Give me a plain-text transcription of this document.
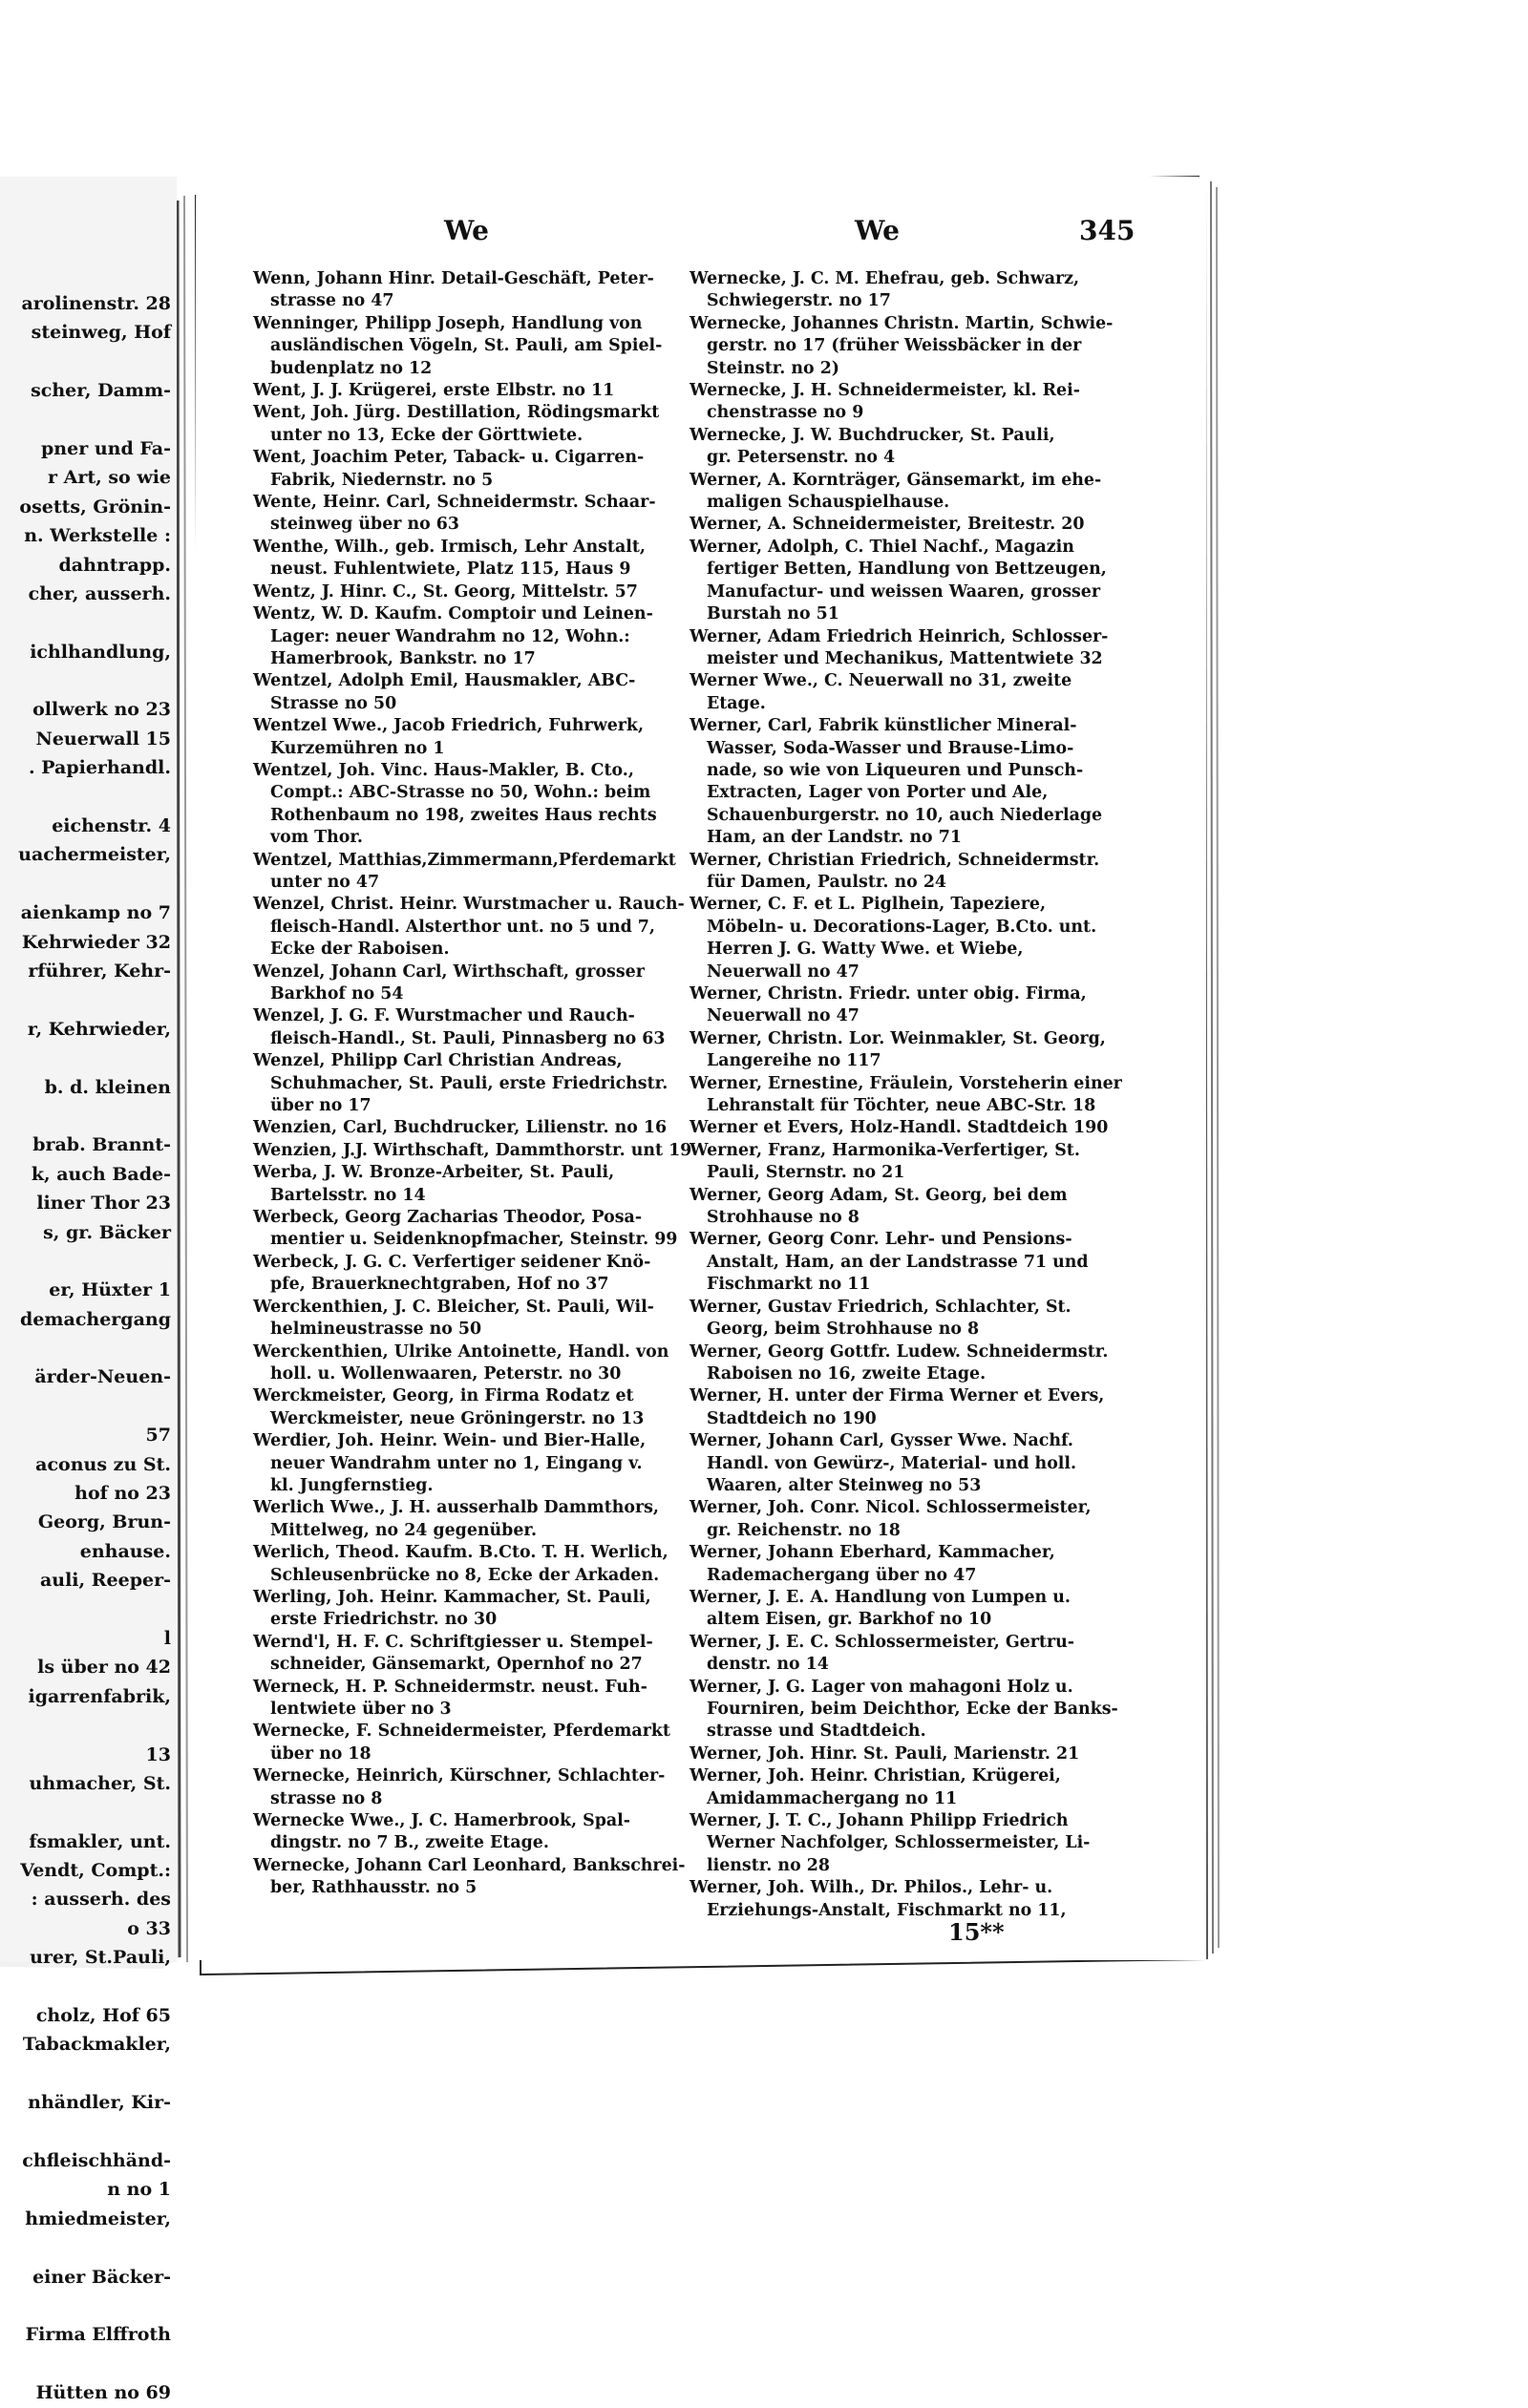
arolinenstr. 28
steinweg, Hof
scher, Damm-
pner und Fa-
r Art, so wie
osetts, Grönin-
n. Werkstelle :
dahntrapp.
cher, ausserh.
ichlhandlung,
ollwerk no 23
Neuerwall 15
. Papierhandl.
eichenstr. 4
uachermeister,
aienkamp no 7
Kehrwieder 32
rführer, Kehr-
r, Kehrwieder,
b. d. kleinen
brab. Brannt-
k, auch Bade-
liner Thor 23
s, gr. Bäcker
er, Hüxter 1
demachergang
ärder-Neuen-
57
aconus zu St.
hof no 23
Georg, Brun-
enhause.
auli, Reeper-
l
ls über no 42
igarrenfabrik,
13
uhmacher, St.
fsmakler, unt.
Vendt, Compt.:
: ausserh. des
o 33
urer, St.Pauli,
cholz, Hof 65
Tabackmakler,
nhändler, Kir-
chfleischhänd-
n no 1
hmiedmeister,
einer Bäcker-
Firma Elffroth
Hütten no 69
We	We	345
Wenn, Johann Hinr. Detail-Geschäft, Peter-
strasse no 47
Wenninger, Philipp Joseph, Handlung von
ausländischen Vögeln, St. Pauli, am Spiel-
budenplatz no 12
Went, J. J. Krügerei, erste Elbstr. no 11
Went, Joh. Jürg. Destillation, Rödingsmarkt
unter no 13, Ecke der Görttwiete.
Went, Joachim Peter, Taback- u. Cigarren-
Fabrik, Niedernstr. no 5
Wente, Heinr. Carl, Schneidermstr. Schaar-
steinweg über no 63
Wenthe, Wilh., geb. Irmisch, Lehr Anstalt,
neust. Fuhlentwiete, Platz 115, Haus 9
Wentz, J. Hinr. C., St. Georg, Mittelstr. 57
Wentz, W. D. Kaufm. Comptoir und Leinen-
Lager: neuer Wandrahm no 12, Wohn.:
Hamerbrook, Bankstr. no 17
Wentzel, Adolph Emil, Hausmakler, ABC-
Strasse no 50
Wentzel Wwe., Jacob Friedrich, Fuhrwerk,
Kurzemühren no 1
Wentzel, Joh. Vinc. Haus-Makler, B. Cto.,
Compt.: ABC-Strasse no 50, Wohn.: beim
Rothenbaum no 198, zweites Haus rechts
vom Thor.
Wentzel, Matthias,Zimmermann,Pferdemarkt
unter no 47
Wenzel, Christ. Heinr. Wurstmacher u. Rauch-
fleisch-Handl. Alsterthor unt. no 5 und 7,
Ecke der Raboisen.
Wenzel, Johann Carl, Wirthschaft, grosser
Barkhof no 54
Wenzel, J. G. F. Wurstmacher und Rauch-
fleisch-Handl., St. Pauli, Pinnasberg no 63
Wenzel, Philipp Carl Christian Andreas,
Schuhmacher, St. Pauli, erste Friedrichstr.
über no 17
Wenzien, Carl, Buchdrucker, Lilienstr. no 16
Wenzien, J.J. Wirthschaft, Dammthorstr. unt 19
Werba, J. W. Bronze-Arbeiter, St. Pauli,
Bartelsstr. no 14
Werbeck, Georg Zacharias Theodor, Posa-
mentier u. Seidenknopfmacher, Steinstr. 99
Werbeck, J. G. C. Verfertiger seidener Knö-
pfe, Brauerknechtgraben, Hof no 37
Werckenthien, J. C. Bleicher, St. Pauli, Wil-
helmineustrasse no 50
Werckenthien, Ulrike Antoinette, Handl. von
holl. u. Wollenwaaren, Peterstr. no 30
Werckmeister, Georg, in Firma Rodatz et
Werckmeister, neue Gröningerstr. no 13
Werdier, Joh. Heinr. Wein- und Bier-Halle,
neuer Wandrahm unter no 1, Eingang v.
kl. Jungfernstieg.
Werlich Wwe., J. H. ausserhalb Dammthors,
Mittelweg, no 24 gegenüber.
Werlich, Theod. Kaufm. B.Cto. T. H. Werlich,
Schleusenbrücke no 8, Ecke der Arkaden.
Werling, Joh. Heinr. Kammacher, St. Pauli,
erste Friedrichstr. no 30
Wernd'l, H. F. C. Schriftgiesser u. Stempel-
schneider, Gänsemarkt, Opernhof no 27
Werneck, H. P. Schneidermstr. neust. Fuh-
lentwiete über no 3
Wernecke, F. Schneidermeister, Pferdemarkt
über no 18
Wernecke, Heinrich, Kürschner, Schlachter-
strasse no 8
Wernecke Wwe., J. C. Hamerbrook, Spal-
dingstr. no 7 B., zweite Etage.
Wernecke, Johann Carl Leonhard, Bankschrei-
ber, Rathhausstr. no 5
Wernecke, J. C. M. Ehefrau, geb. Schwarz,
Schwiegerstr. no 17
Wernecke, Johannes Christn. Martin, Schwie-
gerstr. no 17 (früher Weissbäcker in der
Steinstr. no 2)
Wernecke, J. H. Schneidermeister, kl. Rei-
chenstrasse no 9
Wernecke, J. W. Buchdrucker, St. Pauli,
gr. Petersenstr. no 4
Werner, A. Kornträger, Gänsemarkt, im ehe-
maligen Schauspielhause.
Werner, A. Schneidermeister, Breitestr. 20
Werner, Adolph, C. Thiel Nachf., Magazin
fertiger Betten, Handlung von Bettzeugen,
Manufactur- und weissen Waaren, grosser
Burstah no 51
Werner, Adam Friedrich Heinrich, Schlosser-
meister und Mechanikus, Mattentwiete 32
Werner Wwe., C. Neuerwall no 31, zweite
Etage.
Werner, Carl, Fabrik künstlicher Mineral-
Wasser, Soda-Wasser und Brause-Limo-
nade, so wie von Liqueuren und Punsch-
Extracten, Lager von Porter und Ale,
Schauenburgerstr. no 10, auch Niederlage
Ham, an der Landstr. no 71
Werner, Christian Friedrich, Schneidermstr.
für Damen, Paulstr. no 24
Werner, C. F. et L. Piglhein, Tapeziere,
Möbeln- u. Decorations-Lager, B.Cto. unt.
Herren J. G. Watty Wwe. et Wiebe,
Neuerwall no 47
Werner, Christn. Friedr. unter obig. Firma,
Neuerwall no 47
Werner, Christn. Lor. Weinmakler, St. Georg,
Langereihe no 117
Werner, Ernestine, Fräulein, Vorsteherin einer
Lehranstalt für Töchter, neue ABC-Str. 18
Werner et Evers, Holz-Handl. Stadtdeich 190
Werner, Franz, Harmonika-Verfertiger, St.
Pauli, Sternstr. no 21
Werner, Georg Adam, St. Georg, bei dem
Strohhause no 8
Werner, Georg Conr. Lehr- und Pensions-
Anstalt, Ham, an der Landstrasse 71 und
Fischmarkt no 11
Werner, Gustav Friedrich, Schlachter, St.
Georg, beim Strohhause no 8
Werner, Georg Gottfr. Ludew. Schneidermstr.
Raboisen no 16, zweite Etage.
Werner, H. unter der Firma Werner et Evers,
Stadtdeich no 190
Werner, Johann Carl, Gysser Wwe. Nachf.
Handl. von Gewürz-, Material- und holl.
Waaren, alter Steinweg no 53
Werner, Joh. Conr. Nicol. Schlossermeister,
gr. Reichenstr. no 18
Werner, Johann Eberhard, Kammacher,
Rademachergang über no 47
Werner, J. E. A. Handlung von Lumpen u.
altem Eisen, gr. Barkhof no 10
Werner, J. E. C. Schlossermeister, Gertru-
denstr. no 14
Werner, J. G. Lager von mahagoni Holz u.
Fourniren, beim Deichthor, Ecke der Banks-
strasse und Stadtdeich.
Werner, Joh. Hinr. St. Pauli, Marienstr. 21
Werner, Joh. Heinr. Christian, Krügerei,
Amidammachergang no 11
Werner, J. T. C., Johann Philipp Friedrich
Werner Nachfolger, Schlossermeister, Li-
lienstr. no 28
Werner, Joh. Wilh., Dr. Philos., Lehr- u.
Erziehungs-Anstalt, Fischmarkt no 11,
15**
